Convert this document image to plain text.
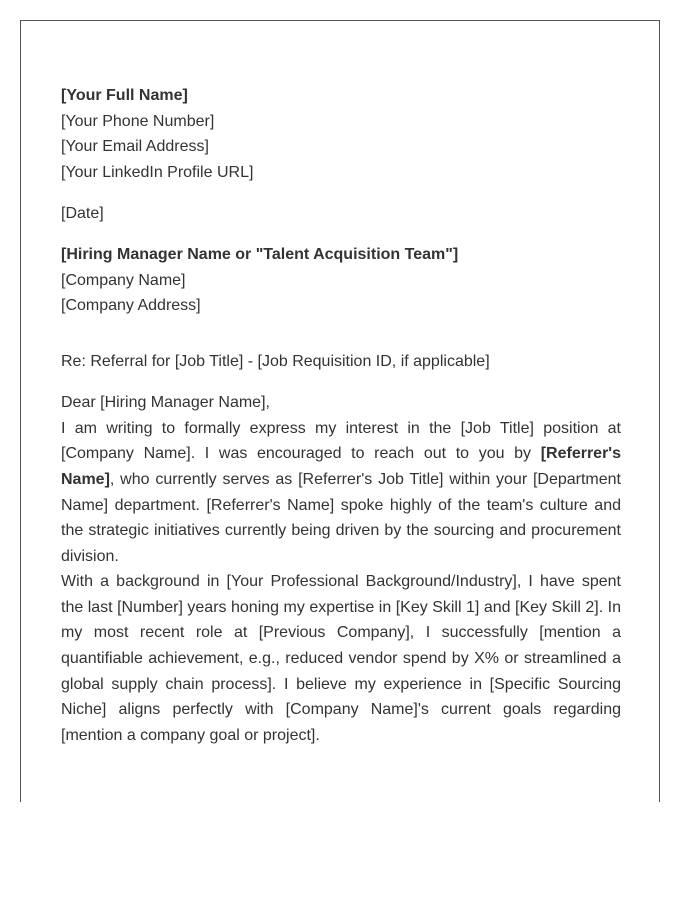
[Your Full Name]
[Your Phone Number]
[Your Email Address]
[Your LinkedIn Profile URL]
[Date]
[Hiring Manager Name or "Talent Acquisition Team"]
[Company Name]
[Company Address]
Re: Referral for [Job Title] - [Job Requisition ID, if applicable]
Dear [Hiring Manager Name],

I am writing to formally express my interest in the [Job Title] position at [Company Name]. I was encouraged to reach out to you by [Referrer's Name], who currently serves as [Referrer's Job Title] within your [Department Name] department. [Referrer's Name] spoke highly of the team's culture and the strategic initiatives currently being driven by the sourcing and procurement division.

With a background in [Your Professional Background/Industry], I have spent the last [Number] years honing my expertise in [Key Skill 1] and [Key Skill 2]. In my most recent role at [Previous Company], I successfully [mention a quantifiable achievement, e.g., reduced vendor spend by X% or streamlined a global supply chain process]. I believe my experience in [Specific Sourcing Niche] aligns perfectly with [Company Name]'s current goals regarding [mention a company goal or project].
